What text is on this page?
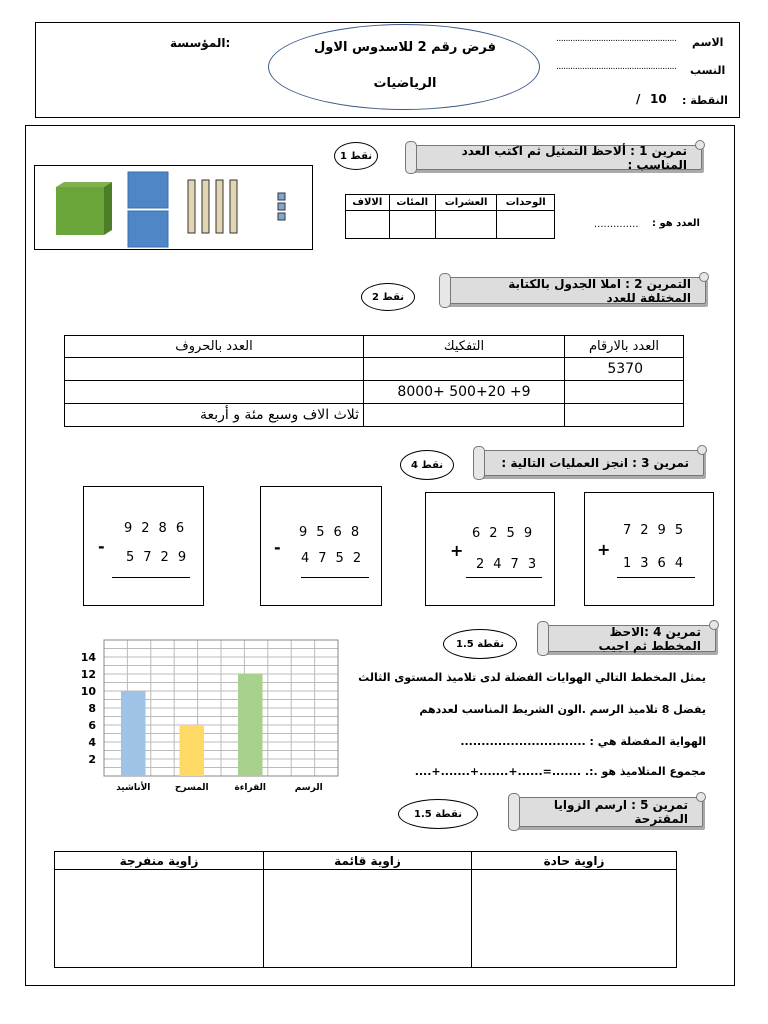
المؤسسة:	فرض رقم 2 للاسدوس الاول
الرياضيات
الاسم
...................................................
النسب
...................................................
النقطة :
10
/
تمرين 1 : ألاحظ التمثيل ثم اكتب العدد المناسب :
1 نقط
الوحدات	العشرات	المئات	الالاف

العدد هو :
..............
التمرين 2 : املا الجدول بالكتابة المختلفة للعدد
2 نقط
العدد بالارقام	التفكيك	العدد بالحروف
5370		
	8000+ 500+20 +9	
		ثلاث الاف وسبع مئة و أربعة
تمرين 3 : انجز العمليات التالية :
4 نقط
7295
+
1364
6259
+
2473
9568
-
4752
9286
-
5729
تمرين 4 :الاحظ المخطط ثم اجيب
1.5 نقطة
2
4
6
8
10
12
14
الأناشيد	المسرح	القراءة	الرسم
يمثل المخطط التالي الهوايات الفضلة لدى تلاميذ المستوى الثالث
يفضل 8 تلاميذ الرسم .الون الشريط المناسب لعددهم
الهواية المفضلة هي : ..............................
مجموع المتلاميذ هو .:. .......=......+.......+.......+....
تمرين 5 : ارسم الزوايا المقترحة
1.5 نقطة
زاوية منفرجة	زاوية قائمة	زاوية حادة
